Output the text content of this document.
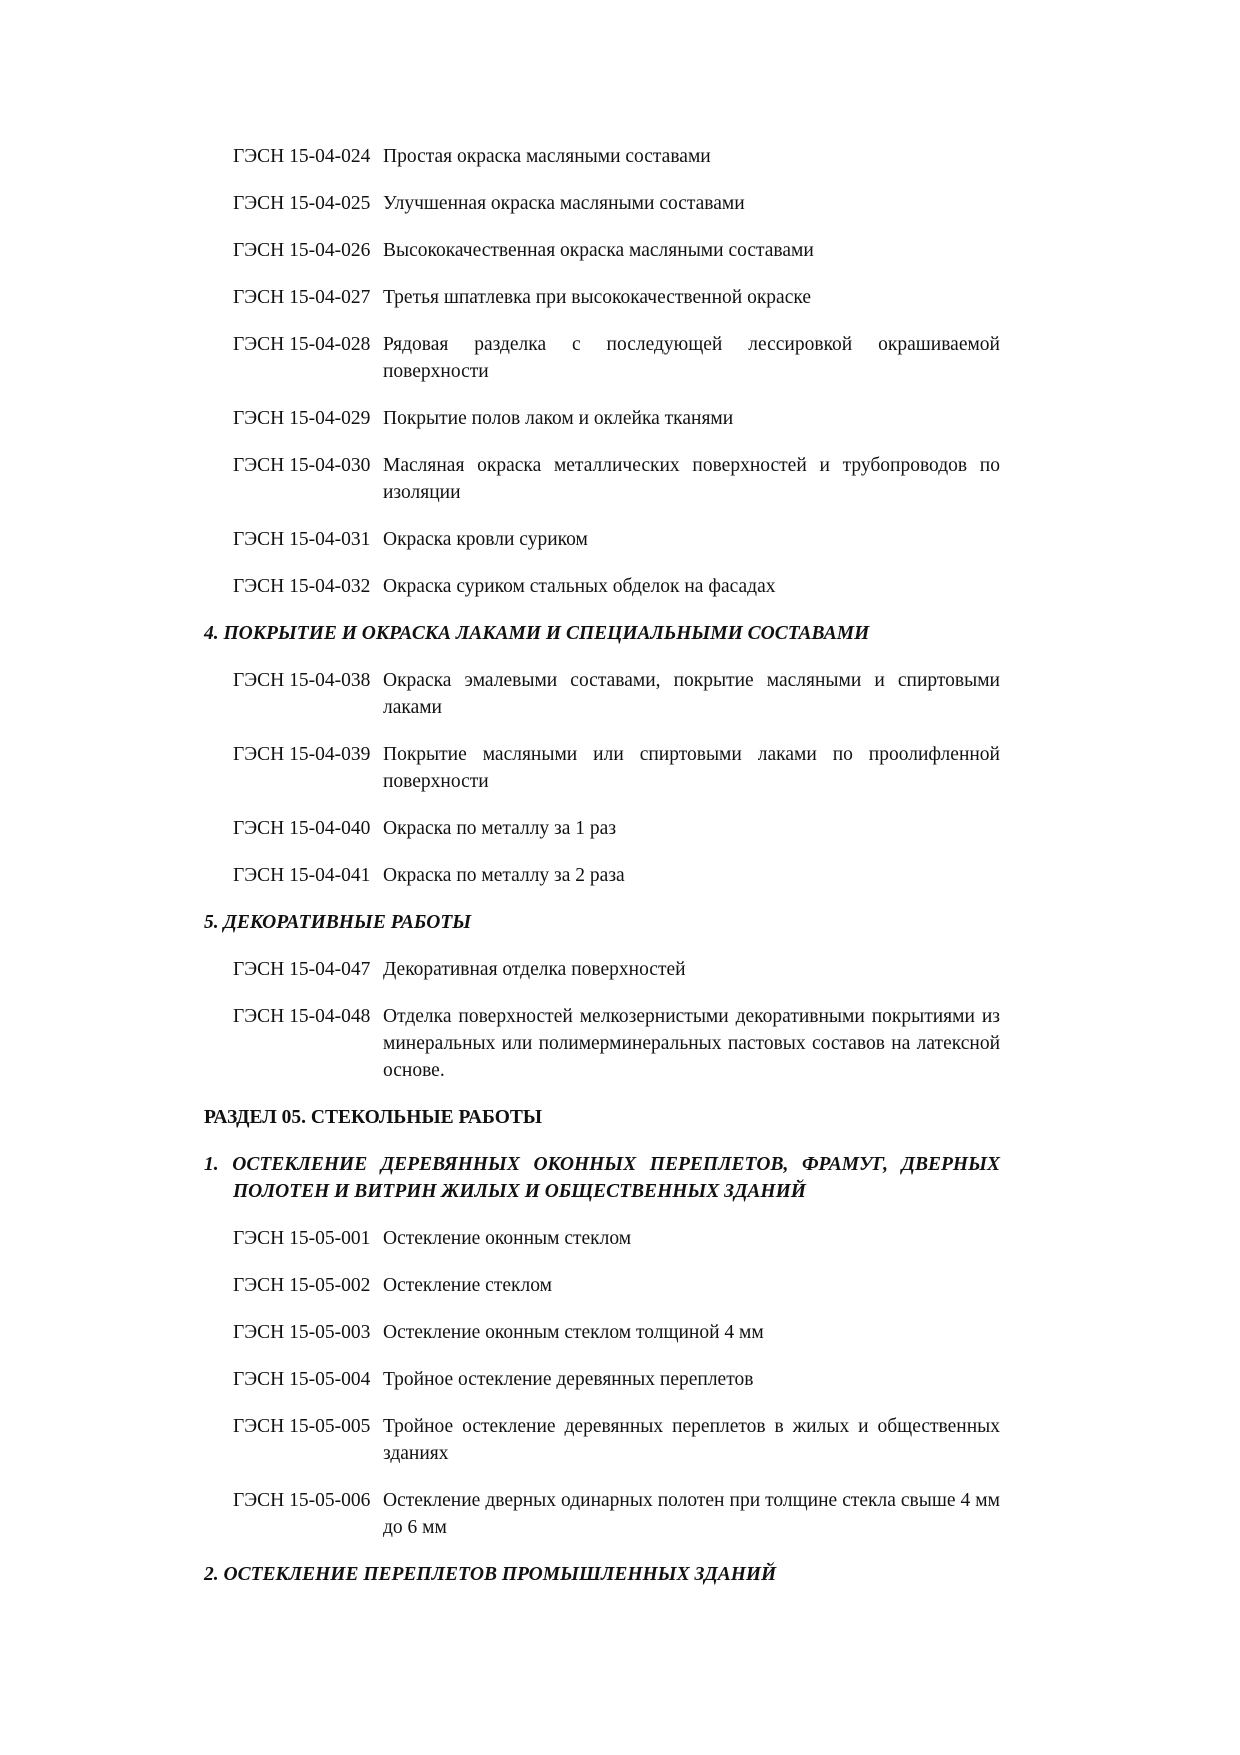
ГЭСН 15-04-024 Простая окраска масляными составами
ГЭСН 15-04-025 Улучшенная окраска масляными составами
ГЭСН 15-04-026 Высококачественная окраска масляными составами
ГЭСН 15-04-027 Третья шпатлевка при высококачественной окраске
ГЭСН 15-04-028 Рядовая разделка с последующей лессировкой окрашиваемой поверхности
ГЭСН 15-04-029 Покрытие полов лаком и оклейка тканями
ГЭСН 15-04-030 Масляная окраска металлических поверхностей и трубопроводов по изоляции
ГЭСН 15-04-031 Окраска кровли суриком
ГЭСН 15-04-032 Окраска суриком стальных обделок на фасадах
4. ПОКРЫТИЕ И ОКРАСКА ЛАКАМИ И СПЕЦИАЛЬНЫМИ СОСТАВАМИ
ГЭСН 15-04-038 Окраска эмалевыми составами, покрытие масляными и спиртовыми лаками
ГЭСН 15-04-039 Покрытие масляными или спиртовыми лаками по проолифленной поверхности
ГЭСН 15-04-040 Окраска по металлу за 1 раз
ГЭСН 15-04-041 Окраска по металлу за 2 раза
5. ДЕКОРАТИВНЫЕ РАБОТЫ
ГЭСН 15-04-047 Декоративная отделка поверхностей
ГЭСН 15-04-048 Отделка поверхностей мелкозернистыми декоративными покрытиями из минеральных или полимерминеральных пастовых составов на латексной основе.
РАЗДЕЛ 05. СТЕКОЛЬНЫЕ РАБОТЫ
1. ОСТЕКЛЕНИЕ ДЕРЕВЯННЫХ ОКОННЫХ ПЕРЕПЛЕТОВ, ФРАМУГ, ДВЕРНЫХ ПОЛОТЕН И ВИТРИН ЖИЛЫХ И ОБЩЕСТВЕННЫХ ЗДАНИЙ
ГЭСН 15-05-001 Остекление оконным стеклом
ГЭСН 15-05-002 Остекление стеклом
ГЭСН 15-05-003 Остекление оконным стеклом толщиной 4 мм
ГЭСН 15-05-004 Тройное остекление деревянных переплетов
ГЭСН 15-05-005 Тройное остекление деревянных переплетов в жилых и общественных зданиях
ГЭСН 15-05-006 Остекление дверных одинарных полотен при толщине стекла свыше 4 мм до 6 мм
2. ОСТЕКЛЕНИЕ ПЕРЕПЛЕТОВ ПРОМЫШЛЕННЫХ ЗДАНИЙ
